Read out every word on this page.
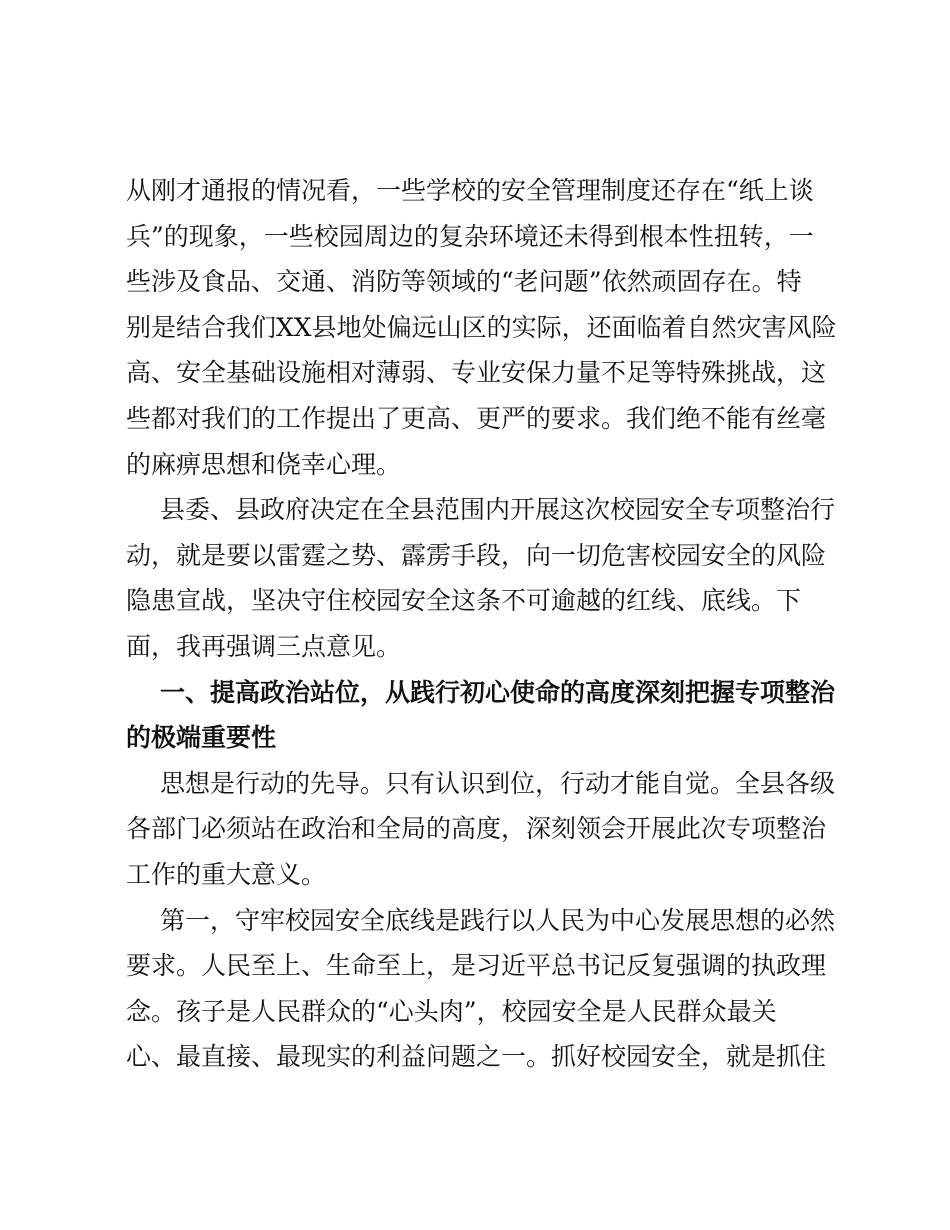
从刚才通报的情况看，一些学校的安全管理制度还存在“纸上谈
兵”的现象，一些校园周边的复杂环境还未得到根本性扭转，一
些涉及食品、交通、消防等领域的“老问题”依然顽固存在。特
别是结合我们XX县地处偏远山区的实际，还面临着自然灾害风险
高、安全基础设施相对薄弱、专业安保力量不足等特殊挑战，这
些都对我们的工作提出了更高、更严的要求。我们绝不能有丝毫
的麻痹思想和侥幸心理。
县委、县政府决定在全县范围内开展这次校园安全专项整治行
动，就是要以雷霆之势、霹雳手段，向一切危害校园安全的风险
隐患宣战，坚决守住校园安全这条不可逾越的红线、底线。下
面，我再强调三点意见。
一、提高政治站位，从践行初心使命的高度深刻把握专项整治
的极端重要性
思想是行动的先导。只有认识到位，行动才能自觉。全县各级
各部门必须站在政治和全局的高度，深刻领会开展此次专项整治
工作的重大意义。
第一，守牢校园安全底线是践行以人民为中心发展思想的必然
要求。人民至上、生命至上，是习近平总书记反复强调的执政理
念。孩子是人民群众的“心头肉”，校园安全是人民群众最关
心、最直接、最现实的利益问题之一。抓好校园安全，就是抓住
